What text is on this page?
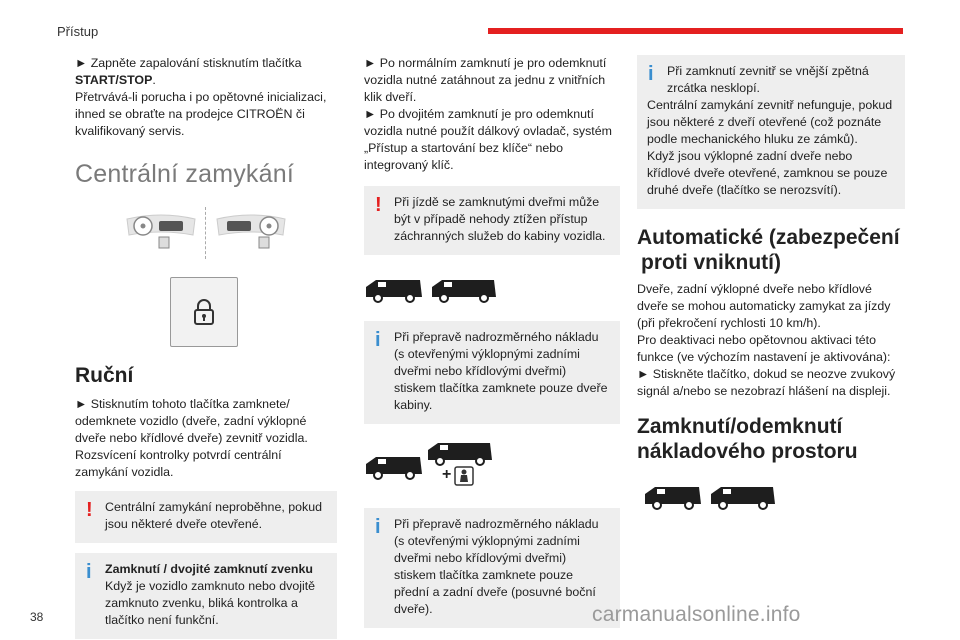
Přístup

► Zapněte zapalování stisknutím tlačítka
START/STOP.
Přetrvává-li porucha i po opětovné inicializaci, ihned se obraťte na prodejce CITROËN či kvalifikovaný servis.

Centrální zamykání
Ruční

► Stisknutím tohoto tlačítka zamknete/ odemknete vozidlo (dveře, zadní výklopné dveře nebo křídlové dveře) zevnitř vozidla.

Rozsvícení kontrolky potvrdí centrální zamykání vozidla.

! Centrální zamykání neproběhne, pokud jsou některé dveře otevřené.
i	Zamknutí / dvojité zamknutí zvenku
Když je vozidlo zamknuto nebo dvojitě zamknuto zvenku, bliká kontrolka a tlačítko není funkční.

► Po normálním zamknutí je pro odemknutí vozidla nutné zatáhnout za jednu z vnitřních klik dveří.

► Po dvojitém zamknutí je pro odemknutí vozidla nutné použít dálkový ovladač, systém „Přístup a startování bez klíče“ nebo integrovaný klíč.

! Při jízdě se zamknutými dveřmi může být v případě nehody ztížen přístup záchranných služeb do kabiny vozidla.
i	Při přepravě nadrozměrného nákladu (s otevřenými výklopnými zadními dveřmi nebo křídlovými dveřmi) stiskem tlačítka zamknete pouze dveře kabiny.
+
i	Při přepravě nadrozměrného nákladu (s otevřenými výklopnými zadními dveřmi nebo křídlovými dveřmi) stiskem tlačítka zamknete pouze přední a zadní dveře (posuvné boční dveře).
i	Při zamknutí zevnitř se vnější zpětná zrcátka nesklopí.
Centrální zamykání zevnitř nefunguje, pokud jsou některé z dveří otevřené (což poznáte podle mechanického hluku ze zámků).
Když jsou výklopné zadní dveře nebo křídlové dveře otevřené, zamknou se pouze druhé dveře (tlačítko se nerozsvítí).
Automatické (zabezpečení
proti vniknutí)

Dveře, zadní výklopné dveře nebo křídlové dveře se mohou automaticky zamykat za jízdy (při překročení rychlosti 10 km/h).

Pro deaktivaci nebo opětovnou aktivaci této funkce (ve výchozím nastavení je aktivována):

► Stiskněte tlačítko, dokud se neozve zvukový signál a/nebo se nezobrazí hlášení na displeji.

Zamknutí/odemknutí
nákladového prostoru
38	carmanualsonline.info
